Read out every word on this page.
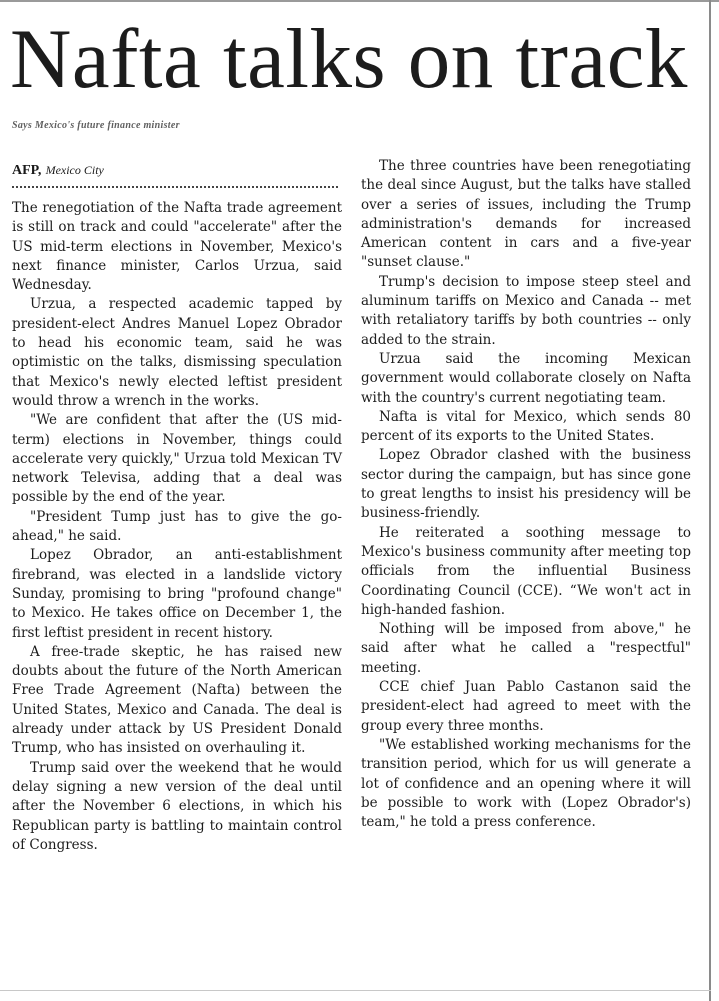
Nafta talks on track
Says Mexico's future finance minister
AFP, Mexico City

The renegotiation of the Nafta trade agreement is still on track and could "accelerate" after the US mid-term elections in November, Mexico's next finance minister, Carlos Urzua, said Wednesday.

Urzua, a respected academic tapped by president-elect Andres Manuel Lopez Obrador to head his economic team, said he was optimistic on the talks, dismissing speculation that Mexico's newly elected leftist president would throw a wrench in the works.

"We are confident that after the (US mid-term) elections in November, things could accelerate very quickly," Urzua told Mexican TV network Televisa, adding that a deal was possible by the end of the year.

"President Tump just has to give the go-ahead," he said.

Lopez Obrador, an anti-establishment firebrand, was elected in a landslide victory Sunday, promising to bring "profound change" to Mexico. He takes office on December 1, the first leftist president in recent history.

A free-trade skeptic, he has raised new doubts about the future of the North American Free Trade Agreement (Nafta) between the United States, Mexico and Canada. The deal is already under attack by US President Donald Trump, who has insisted on overhauling it.

Trump said over the weekend that he would delay signing a new version of the deal until after the November 6 elections, in which his Republican party is battling to maintain control of Congress.

The three countries have been renegotiating the deal since August, but the talks have stalled over a series of issues, including the Trump administration's demands for increased American content in cars and a five-year "sunset clause."

Trump's decision to impose steep steel and aluminum tariffs on Mexico and Canada -- met with retaliatory tariffs by both countries -- only added to the strain.

Urzua said the incoming Mexican government would collaborate closely on Nafta with the country's current negotiating team.

Nafta is vital for Mexico, which sends 80 percent of its exports to the United States.

Lopez Obrador clashed with the business sector during the campaign, but has since gone to great lengths to insist his presidency will be business-friendly.

He reiterated a soothing message to Mexico's business community after meeting top officials from the influential Business Coordinating Council (CCE). “We won't act in high-handed fashion.

Nothing will be imposed from above," he said after what he called a "respectful" meeting.

CCE chief Juan Pablo Castanon said the president-elect had agreed to meet with the group every three months.

"We established working mechanisms for the transition period, which for us will generate a lot of confidence and an opening where it will be possible to work with (Lopez Obrador's) team," he told a press conference.
